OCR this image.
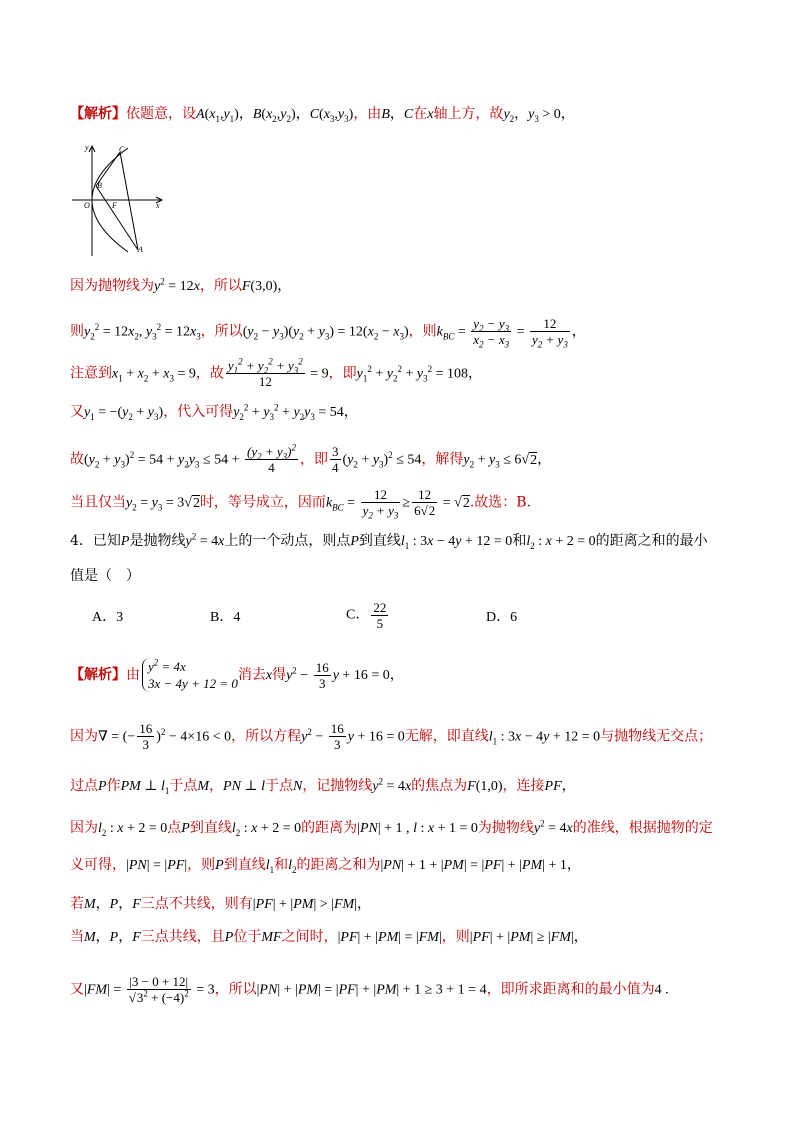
【解析】依题意，设$A(x_1,y_1)$，$B(x_2,y_2)$，$C(x_3,y_3)$，由B，C在x轴上方，故$y_2$，$y_3 > 0$，
y	C
B
O	F	x
A
因为抛物线为$y^2 = 12x$，所以F(3,0)，
则$y_2^2 = 12x_2$, $y_3^2 = 12x_3$，所以$(y_2 - y_3)(y_2 + y_3) = 12(x_2 - x_3)$，则$k_{BC} = \frac{y_2 - y_3}{x_2 - x_3} = \frac{12}{y_2 + y_3}$ ，
注意到$x_1 + x_2 + x_3 = 9$，故 $\frac{y_1^2 + y_2^2 + y_3^2}{12} = 9$，即$y_1^2 + y_2^2 + y_3^2 = 108$，
又$y_1 = -(y_2 + y_3)$，代入可得$y_2^2 + y_3^2 + y_2y_3 = 54$，
故$(y_2 + y_3)^2 = 54 + y_2y_3 \le 54 + \frac{(y_2 + y_3)^2}{4}$ ，即 $\frac{3}{4} (y_2 + y_3)^2 \le 54$，解得$y_2 + y_3 \le 6√2$，
当且仅当$y_2 = y_3 = 3√2$时，等号成立，因而$k_{BC} = \frac{12}{y_2 + y_3} \ge \frac{12}{6√2} = √2$.故选：B.
4．已知P是抛物线$y^2 = 4x$上的一个动点，则点P到直线$l_1$ : 3x − 4y + 12 = 0和$l_2$ : x + 2 = 0的距离之和的最小
值是（　）
A．3	B．4	C． $\frac{22}{5}$	D．6
【解析】由$y^2 = 4x$
3x − 4y + 12 = 0消去x得$y^2 - \frac{16}{3}$ y + 16 = 0，
因为∇ = (− $\frac{16}{3} )^2 - 4\times 16 < 0$，所以方程$y^2 - \frac{16}{3}$ y + 16 = 0无解，即直线$l_1$ : 3x − 4y + 12 = 0与抛物线无交点；
过点P作PM ⊥ $l_1$于点M，PN ⊥ l于点N，记抛物线$y^2 = 4x$的焦点为F(1,0)，连接PF，
因为$l_2$ : x + 2 = 0点P到直线$l_2$ : x + 2 = 0的距离为|PN| + 1 , l : x + 1 = 0为抛物线$y^2 = 4x$的准线，根据抛物的定
义可得，|PN| = |PF|，则P到直线$l_1$和$l_2$的距离之和为|PN| + 1 + |PM| = |PF| + |PM| + 1，
若M，P，F三点不共线，则有|PF| + |PM| > |FM|，
当M，P，F三点共线，且P位于MF之间时，|PF| + |PM| = |FM|，则|PF| + |PM| ≥ |FM|，
又$|FM| = \frac{|3 - 0 + 12|}{√3^2 + (-4)^2} = 3$，所以|PN| + |PM| = |PF| + |PM| + 1 ≥ 3 + 1 = 4，即所求距离和的最小值为4 .
